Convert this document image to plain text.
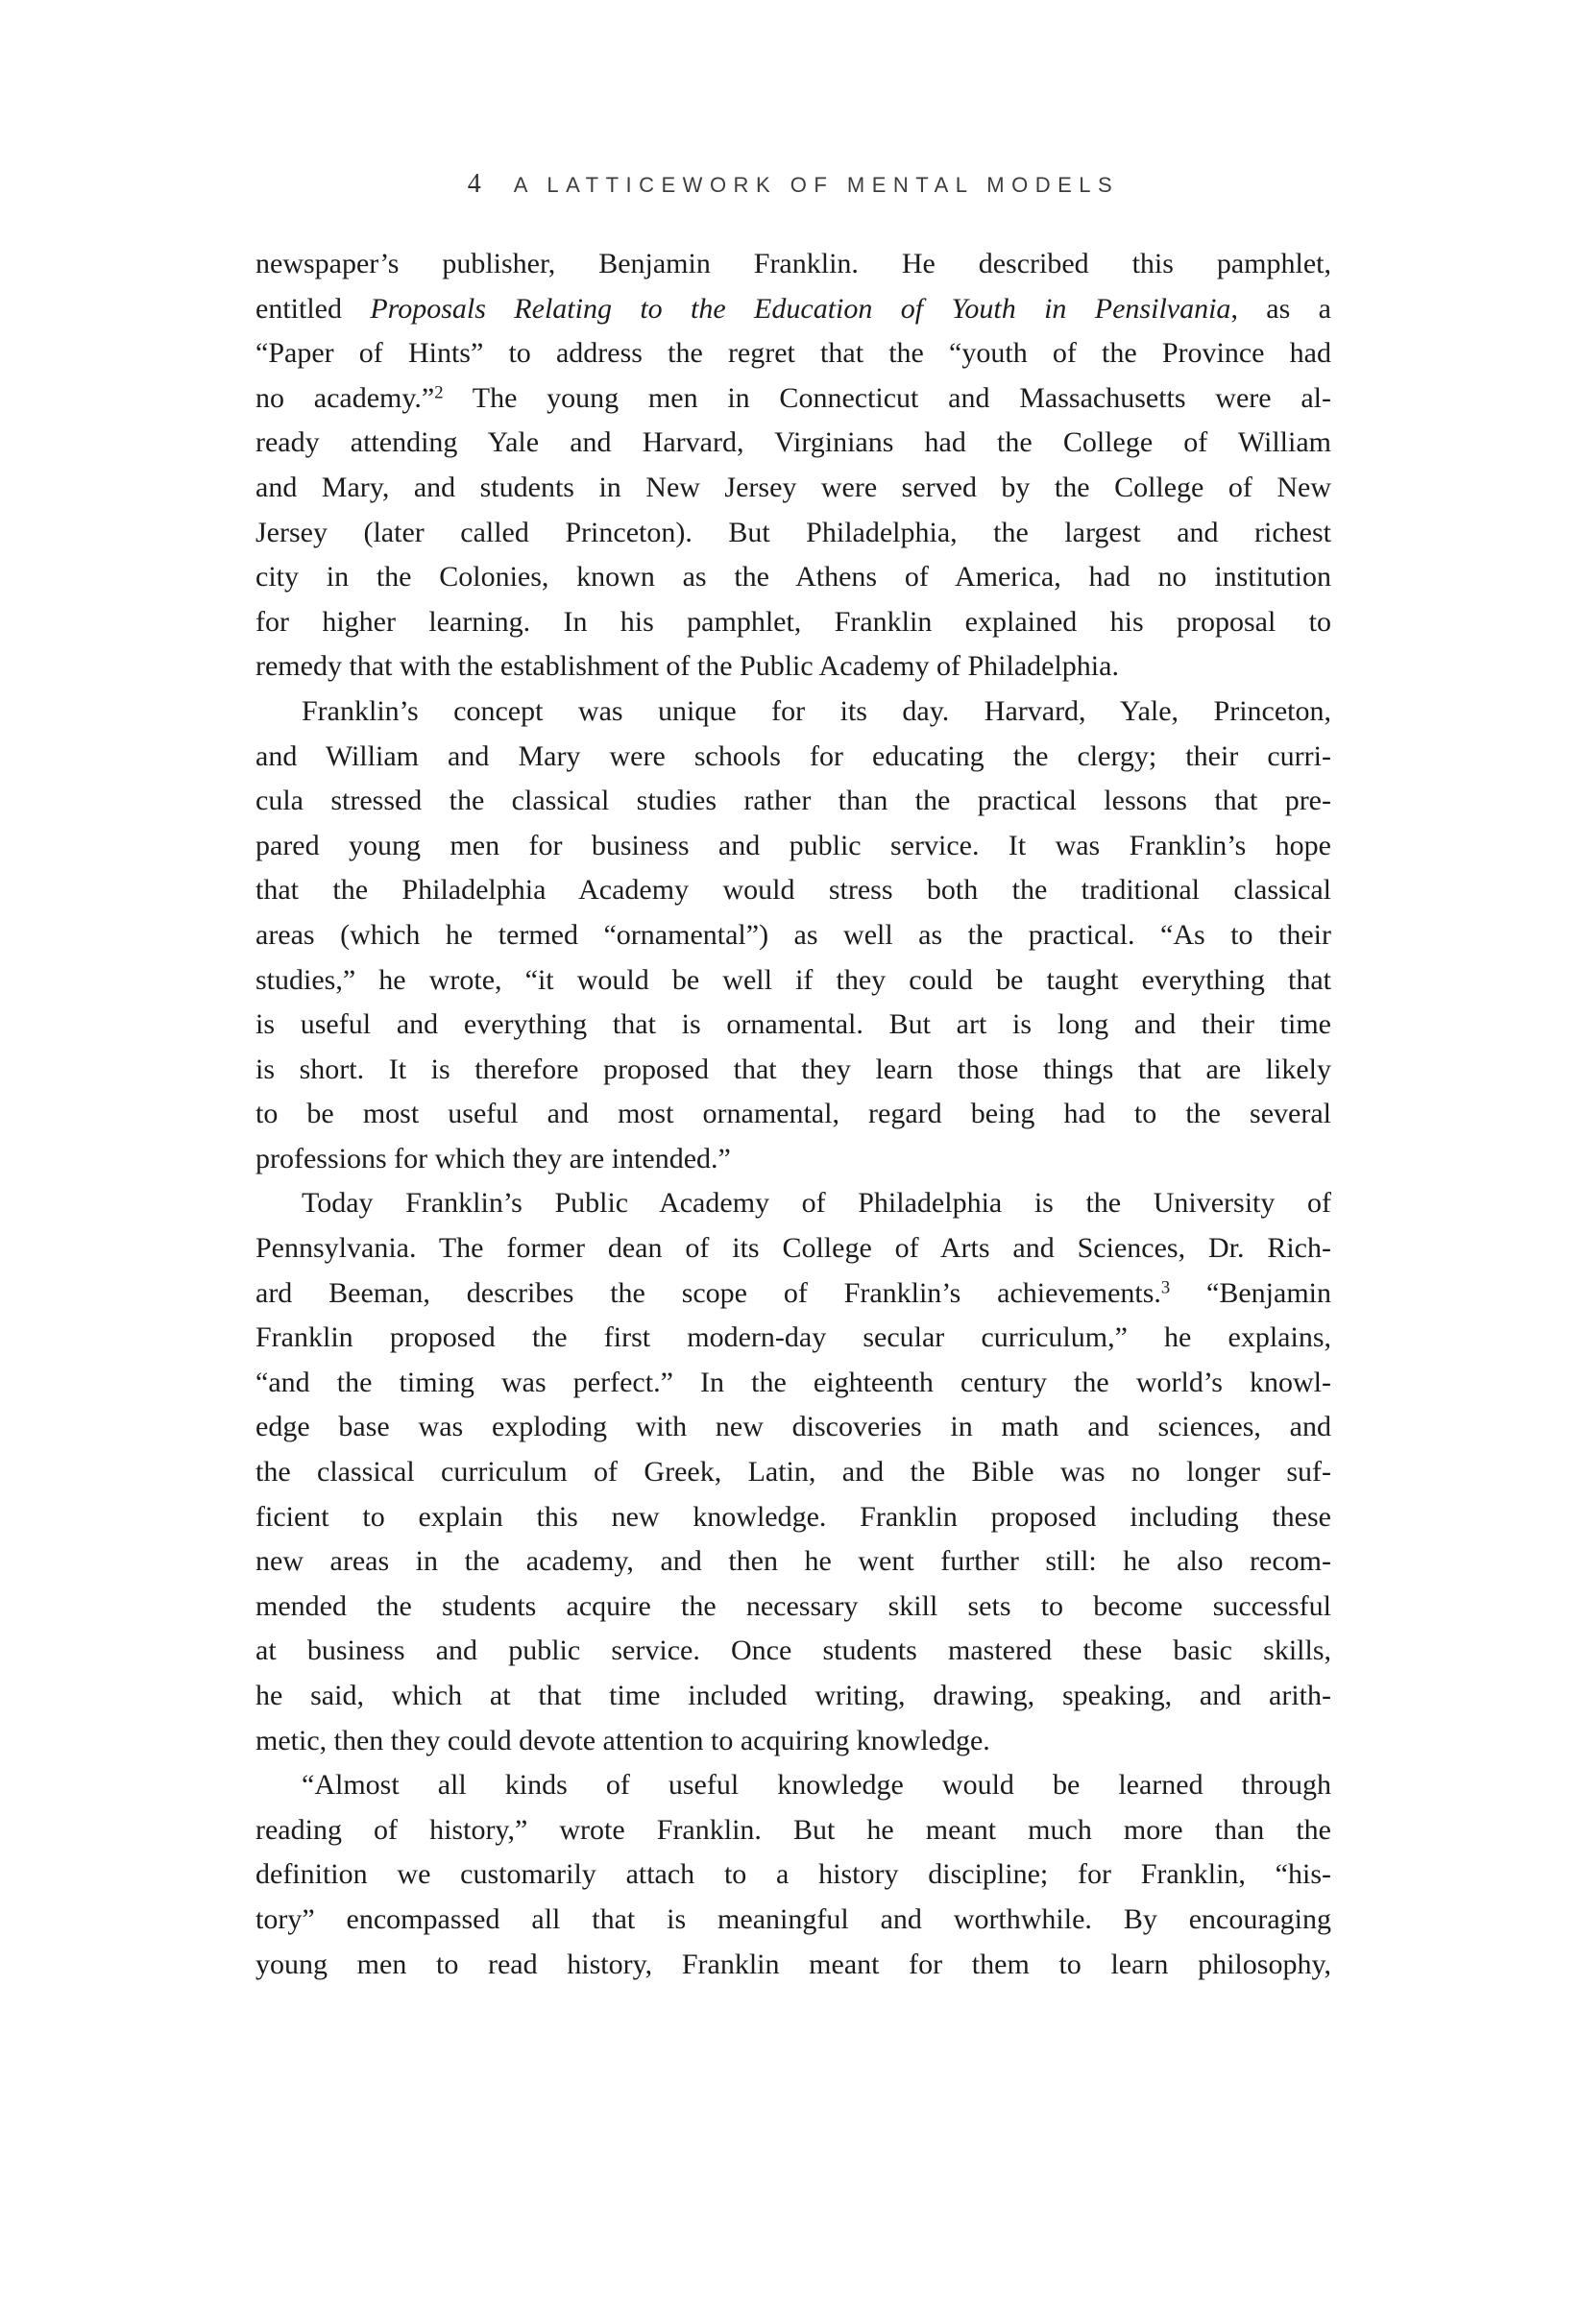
4 A LATTICEWORK OF MENTAL MODELS
newspaper’s publisher, Benjamin Franklin. He described this pamphlet,
entitled Proposals Relating to the Education of Youth in Pensilvania, as a
“Paper of Hints” to address the regret that the “youth of the Province had
no academy.”$^2$ The young men in Connecticut and Massachusetts were al-
ready attending Yale and Harvard, Virginians had the College of William
and Mary, and students in New Jersey were served by the College of New
Jersey (later called Princeton). But Philadelphia, the largest and richest
city in the Colonies, known as the Athens of America, had no institution
for higher learning. In his pamphlet, Franklin explained his proposal to
remedy that with the establishment of the Public Academy of Philadelphia.
Franklin’s concept was unique for its day. Harvard, Yale, Princeton,
and William and Mary were schools for educating the clergy; their curri-
cula stressed the classical studies rather than the practical lessons that pre-
pared young men for business and public service. It was Franklin’s hope
that the Philadelphia Academy would stress both the traditional classical
areas (which he termed “ornamental”) as well as the practical. “As to their
studies,” he wrote, “it would be well if they could be taught everything that
is useful and everything that is ornamental. But art is long and their time
is short. It is therefore proposed that they learn those things that are likely
to be most useful and most ornamental, regard being had to the several
professions for which they are intended.”
Today Franklin’s Public Academy of Philadelphia is the University of
Pennsylvania. The former dean of its College of Arts and Sciences, Dr. Rich-
ard Beeman, describes the scope of Franklin’s achievements.$^3$ “Benjamin
Franklin proposed the first modern-day secular curriculum,” he explains,
“and the timing was perfect.” In the eighteenth century the world’s knowl-
edge base was exploding with new discoveries in math and sciences, and
the classical curriculum of Greek, Latin, and the Bible was no longer suf-
ficient to explain this new knowledge. Franklin proposed including these
new areas in the academy, and then he went further still: he also recom-
mended the students acquire the necessary skill sets to become successful
at business and public service. Once students mastered these basic skills,
he said, which at that time included writing, drawing, speaking, and arith-
metic, then they could devote attention to acquiring knowledge.
“Almost all kinds of useful knowledge would be learned through
reading of history,” wrote Franklin. But he meant much more than the
definition we customarily attach to a history discipline; for Franklin, “his-
tory” encompassed all that is meaningful and worthwhile. By encouraging
young men to read history, Franklin meant for them to learn philosophy,
